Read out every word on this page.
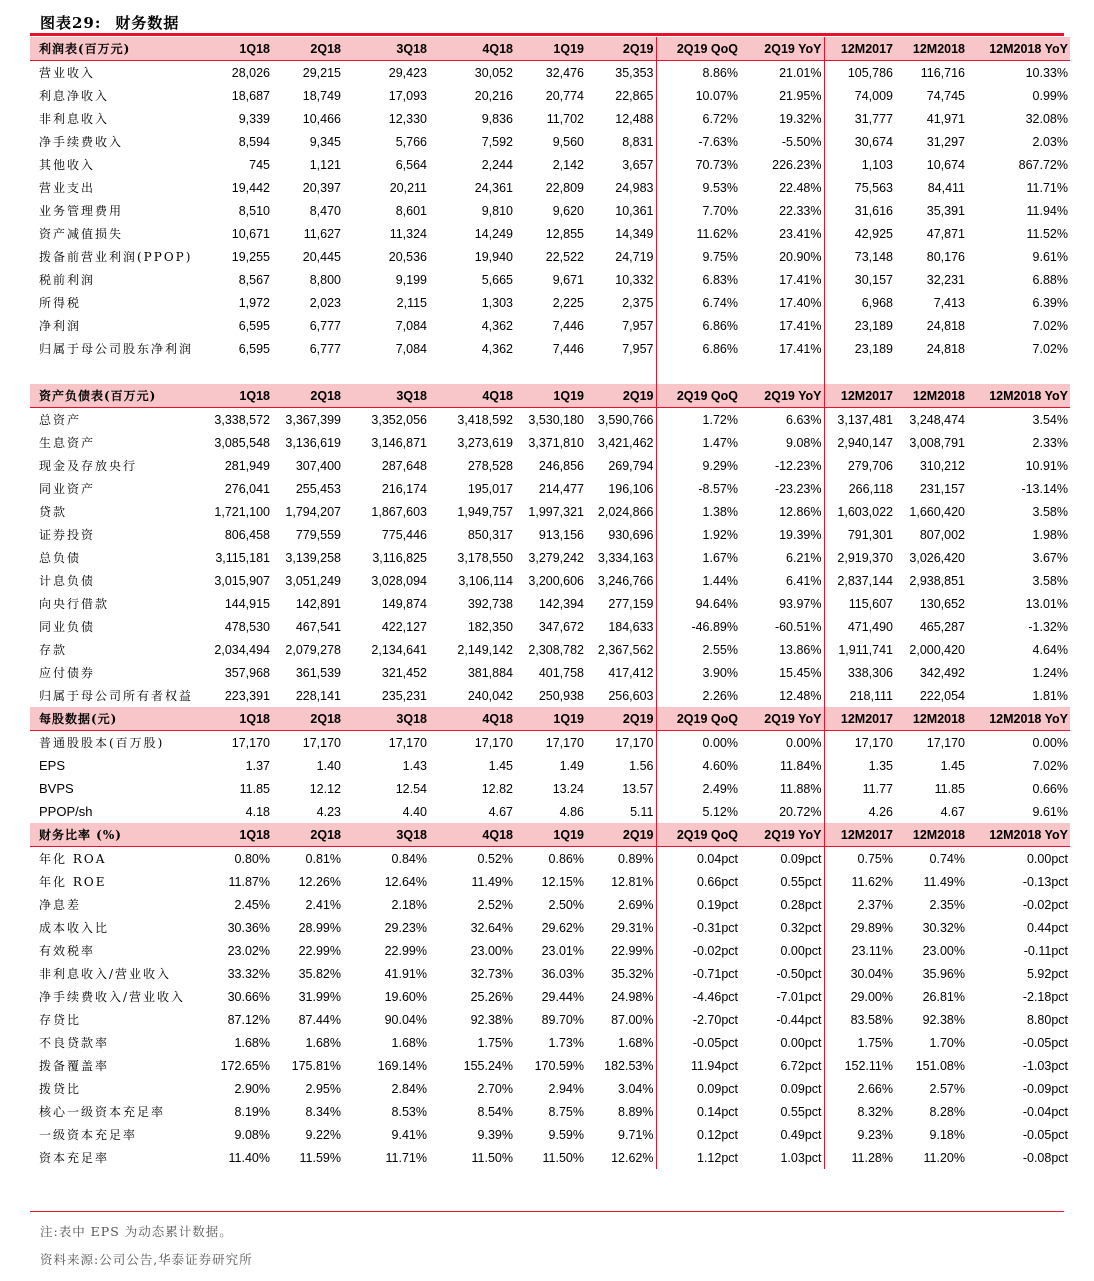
图表29: 财务数据
利润表(百万元)	1Q18	2Q18	3Q18	4Q18	1Q19	2Q19	2Q19 QoQ	2Q19 YoY	12M2017	12M2018	12M2018 YoY
营业收入	28,026	29,215	29,423	30,052	32,476	35,353	8.86%	21.01%	105,786	116,716	10.33%
利息净收入	18,687	18,749	17,093	20,216	20,774	22,865	10.07%	21.95%	74,009	74,745	0.99%
非利息收入	9,339	10,466	12,330	9,836	11,702	12,488	6.72%	19.32%	31,777	41,971	32.08%
净手续费收入	8,594	9,345	5,766	7,592	9,560	8,831	-7.63%	-5.50%	30,674	31,297	2.03%
其他收入	745	1,121	6,564	2,244	2,142	3,657	70.73%	226.23%	1,103	10,674	867.72%
营业支出	19,442	20,397	20,211	24,361	22,809	24,983	9.53%	22.48%	75,563	84,411	11.71%
业务管理费用	8,510	8,470	8,601	9,810	9,620	10,361	7.70%	22.33%	31,616	35,391	11.94%
资产减值损失	10,671	11,627	11,324	14,249	12,855	14,349	11.62%	23.41%	42,925	47,871	11.52%
拨备前营业利润(PPOP)	19,255	20,445	20,536	19,940	22,522	24,719	9.75%	20.90%	73,148	80,176	9.61%
税前利润	8,567	8,800	9,199	5,665	9,671	10,332	6.83%	17.41%	30,157	32,231	6.88%
所得税	1,972	2,023	2,115	1,303	2,225	2,375	6.74%	17.40%	6,968	7,413	6.39%
净利润	6,595	6,777	7,084	4,362	7,446	7,957	6.86%	17.41%	23,189	24,818	7.02%
归属于母公司股东净利润	6,595	6,777	7,084	4,362	7,446	7,957	6.86%	17.41%	23,189	24,818	7.02%

资产负债表(百万元)	1Q18	2Q18	3Q18	4Q18	1Q19	2Q19	2Q19 QoQ	2Q19 YoY	12M2017	12M2018	12M2018 YoY
总资产	3,338,572	3,367,399	3,352,056	3,418,592	3,530,180	3,590,766	1.72%	6.63%	3,137,481	3,248,474	3.54%
生息资产	3,085,548	3,136,619	3,146,871	3,273,619	3,371,810	3,421,462	1.47%	9.08%	2,940,147	3,008,791	2.33%
现金及存放央行	281,949	307,400	287,648	278,528	246,856	269,794	9.29%	-12.23%	279,706	310,212	10.91%
同业资产	276,041	255,453	216,174	195,017	214,477	196,106	-8.57%	-23.23%	266,118	231,157	-13.14%
贷款	1,721,100	1,794,207	1,867,603	1,949,757	1,997,321	2,024,866	1.38%	12.86%	1,603,022	1,660,420	3.58%
证券投资	806,458	779,559	775,446	850,317	913,156	930,696	1.92%	19.39%	791,301	807,002	1.98%
总负债	3,115,181	3,139,258	3,116,825	3,178,550	3,279,242	3,334,163	1.67%	6.21%	2,919,370	3,026,420	3.67%
计息负债	3,015,907	3,051,249	3,028,094	3,106,114	3,200,606	3,246,766	1.44%	6.41%	2,837,144	2,938,851	3.58%
向央行借款	144,915	142,891	149,874	392,738	142,394	277,159	94.64%	93.97%	115,607	130,652	13.01%
同业负债	478,530	467,541	422,127	182,350	347,672	184,633	-46.89%	-60.51%	471,490	465,287	-1.32%
存款	2,034,494	2,079,278	2,134,641	2,149,142	2,308,782	2,367,562	2.55%	13.86%	1,911,741	2,000,420	4.64%
应付债券	357,968	361,539	321,452	381,884	401,758	417,412	3.90%	15.45%	338,306	342,492	1.24%
归属于母公司所有者权益	223,391	228,141	235,231	240,042	250,938	256,603	2.26%	12.48%	218,111	222,054	1.81%
每股数据(元)	1Q18	2Q18	3Q18	4Q18	1Q19	2Q19	2Q19 QoQ	2Q19 YoY	12M2017	12M2018	12M2018 YoY
普通股股本(百万股)	17,170	17,170	17,170	17,170	17,170	17,170	0.00%	0.00%	17,170	17,170	0.00%
EPS	1.37	1.40	1.43	1.45	1.49	1.56	4.60%	11.84%	1.35	1.45	7.02%
BVPS	11.85	12.12	12.54	12.82	13.24	13.57	2.49%	11.88%	11.77	11.85	0.66%
PPOP/sh	4.18	4.23	4.40	4.67	4.86	5.11	5.12%	20.72%	4.26	4.67	9.61%
财务比率 (%)	1Q18	2Q18	3Q18	4Q18	1Q19	2Q19	2Q19 QoQ	2Q19 YoY	12M2017	12M2018	12M2018 YoY
年化 ROA	0.80%	0.81%	0.84%	0.52%	0.86%	0.89%	0.04pct	0.09pct	0.75%	0.74%	0.00pct
年化 ROE	11.87%	12.26%	12.64%	11.49%	12.15%	12.81%	0.66pct	0.55pct	11.62%	11.49%	-0.13pct
净息差	2.45%	2.41%	2.18%	2.52%	2.50%	2.69%	0.19pct	0.28pct	2.37%	2.35%	-0.02pct
成本收入比	30.36%	28.99%	29.23%	32.64%	29.62%	29.31%	-0.31pct	0.32pct	29.89%	30.32%	0.44pct
有效税率	23.02%	22.99%	22.99%	23.00%	23.01%	22.99%	-0.02pct	0.00pct	23.11%	23.00%	-0.11pct
非利息收入/营业收入	33.32%	35.82%	41.91%	32.73%	36.03%	35.32%	-0.71pct	-0.50pct	30.04%	35.96%	5.92pct
净手续费收入/营业收入	30.66%	31.99%	19.60%	25.26%	29.44%	24.98%	-4.46pct	-7.01pct	29.00%	26.81%	-2.18pct
存贷比	87.12%	87.44%	90.04%	92.38%	89.70%	87.00%	-2.70pct	-0.44pct	83.58%	92.38%	8.80pct
不良贷款率	1.68%	1.68%	1.68%	1.75%	1.73%	1.68%	-0.05pct	0.00pct	1.75%	1.70%	-0.05pct
拨备覆盖率	172.65%	175.81%	169.14%	155.24%	170.59%	182.53%	11.94pct	6.72pct	152.11%	151.08%	-1.03pct
拨贷比	2.90%	2.95%	2.84%	2.70%	2.94%	3.04%	0.09pct	0.09pct	2.66%	2.57%	-0.09pct
核心一级资本充足率	8.19%	8.34%	8.53%	8.54%	8.75%	8.89%	0.14pct	0.55pct	8.32%	8.28%	-0.04pct
一级资本充足率	9.08%	9.22%	9.41%	9.39%	9.59%	9.71%	0.12pct	0.49pct	9.23%	9.18%	-0.05pct
资本充足率	11.40%	11.59%	11.71%	11.50%	11.50%	12.62%	1.12pct	1.03pct	11.28%	11.20%	-0.08pct
注:表中 EPS 为动态累计数据。
资料来源:公司公告,华泰证券研究所
